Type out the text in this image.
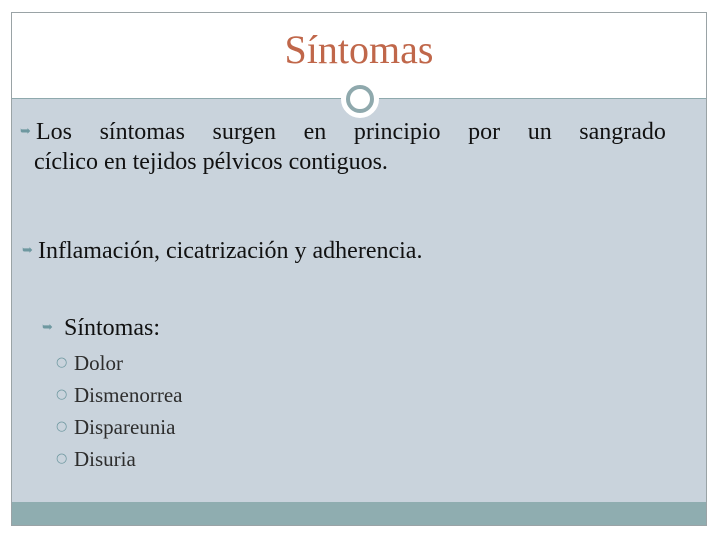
Síntomas
➥ Los síntomas surgen en principio por un sangrado
cíclico en tejidos pélvicos contiguos.
➥ Inflamación, cicatrización y adherencia.
➥ Síntomas:
○ Dolor
○ Dismenorrea
○ Dispareunia
○ Disuria
